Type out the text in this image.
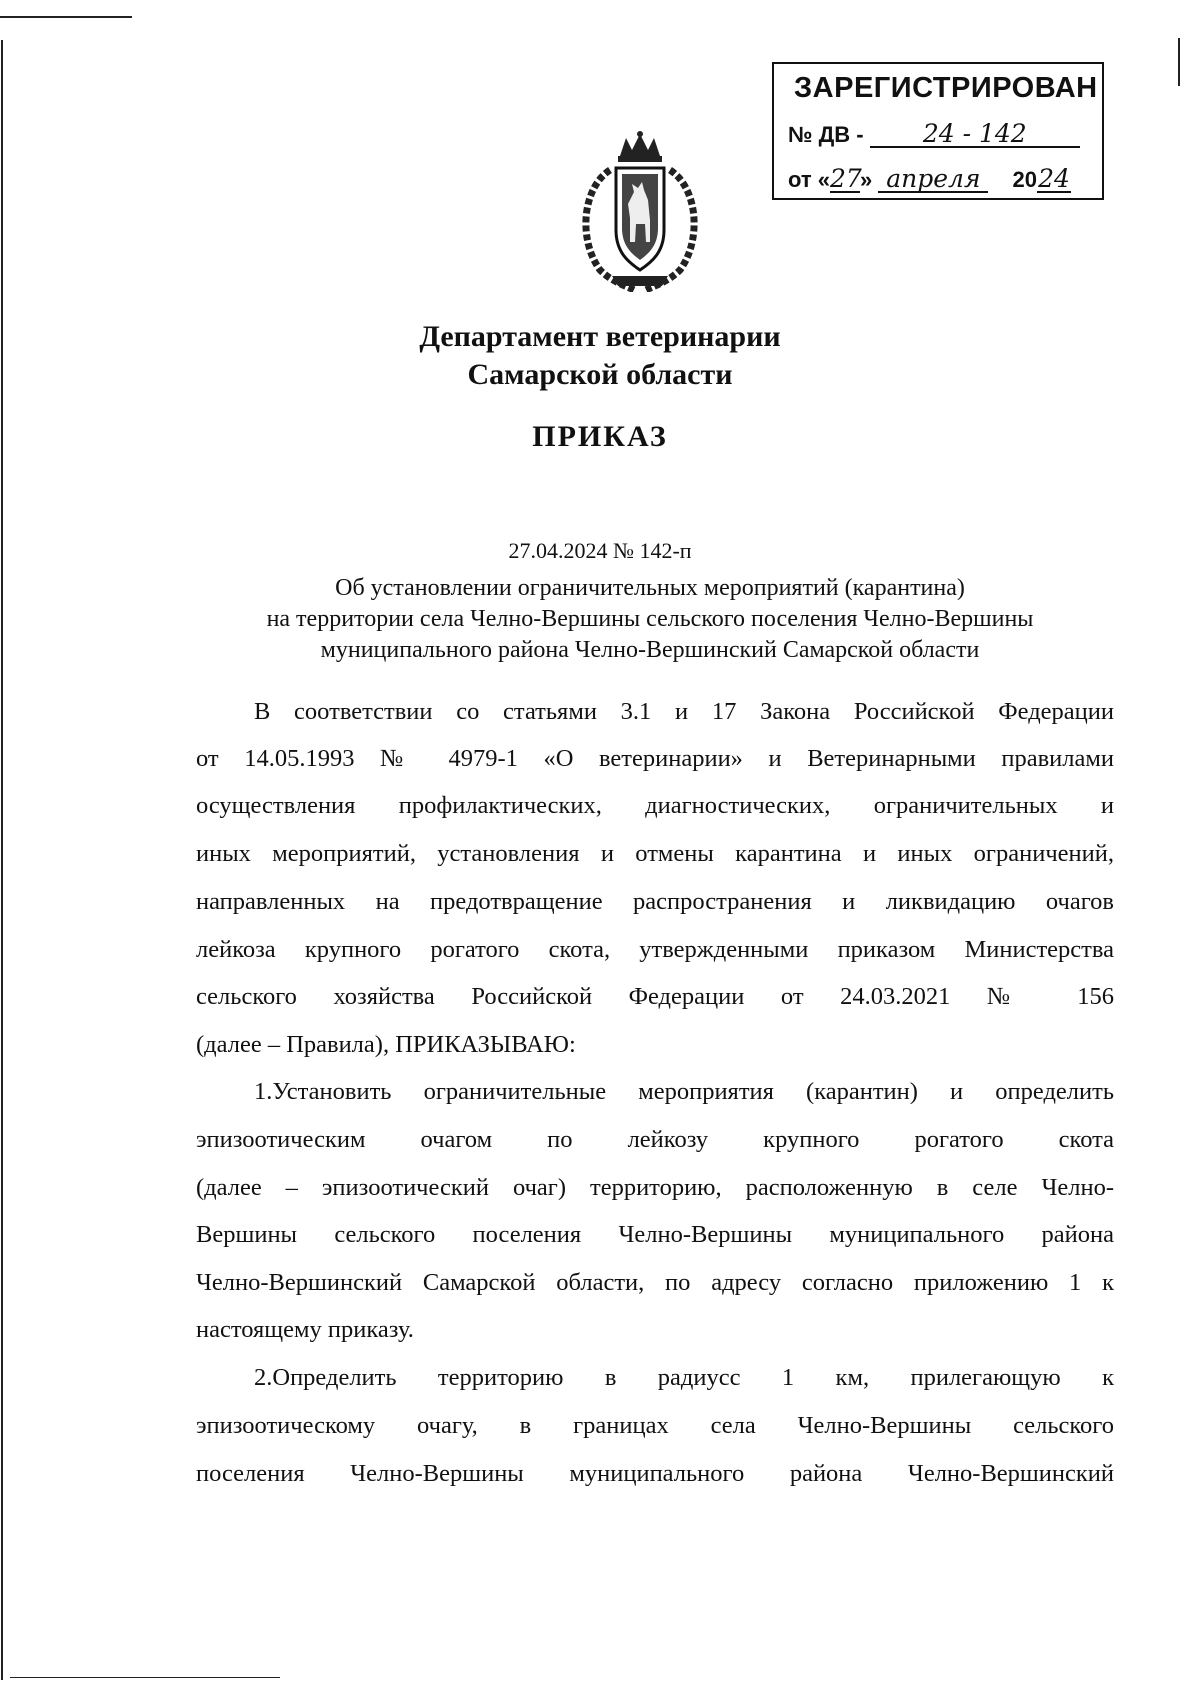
ЗАРЕГИСТРИРОВАН
№ ДВ - 24 - 142
от «27» апреля 2024
Департамент ветеринарии
Самарской области
ПРИКАЗ
27.04.2024 № 142-п
Об установлении ограничительных мероприятий (карантина)
на территории села Челно-Вершины сельского поселения Челно-Вершины
муниципального района Челно-Вершинский Самарской области
В соответствии со статьями 3.1 и 17 Закона Российской Федерации
от 14.05.1993 № 4979-1 «О ветеринарии» и Ветеринарными правилами
осуществления профилактических, диагностических, ограничительных и
иных мероприятий, установления и отмены карантина и иных ограничений,
направленных на предотвращение распространения и ликвидацию очагов
лейкоза крупного рогатого скота, утвержденными приказом Министерства
сельского хозяйства Российской Федерации от 24.03.2021 № 156
(далее – Правила), ПРИКАЗЫВАЮ:
1.Установить ограничительные мероприятия (карантин) и определить
эпизоотическим очагом по лейкозу крупного рогатого скота
(далее – эпизоотический очаг) территорию, расположенную в селе Челно-
Вершины сельского поселения Челно-Вершины муниципального района
Челно-Вершинский Самарской области, по адресу согласно приложению 1 к
настоящему приказу.
2.Определить территорию в радиусс 1 км, прилегающую к
эпизоотическому очагу, в границах села Челно-Вершины сельского
поселения Челно-Вершины муниципального района Челно-Вершинский
